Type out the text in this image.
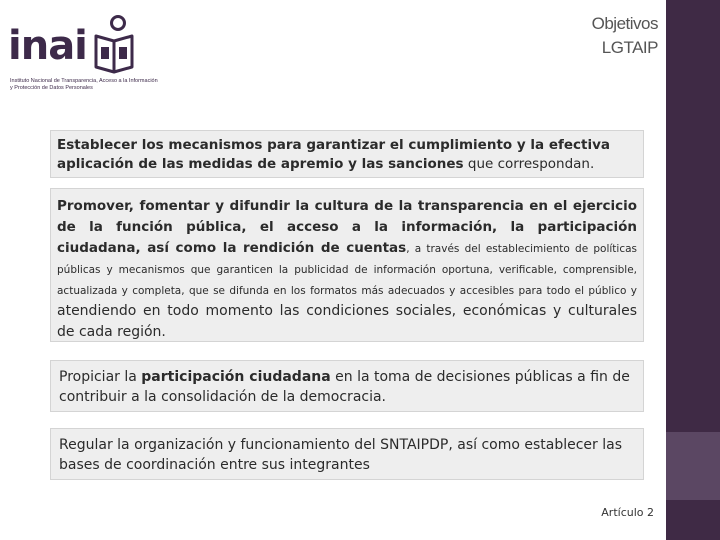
inai
Instituto Nacional de Transparencia, Acceso a la Información y Protección de Datos Personales
Objetivos
LGTAIP
Establecer los mecanismos para garantizar el cumplimiento y la efectiva aplicación de las medidas de apremio y las sanciones que correspondan.
Promover, fomentar y difundir la cultura de la transparencia en el ejercicio de la función pública, el acceso a la información, la participación ciudadana, así como la rendición de cuentas, a través del establecimiento de políticas públicas y mecanismos que garanticen la publicidad de información oportuna, verificable, comprensible, actualizada y completa, que se difunda en los formatos más adecuados y accesibles para todo el público y atendiendo en todo momento las condiciones sociales, económicas y culturales de cada región.
Propiciar la participación ciudadana en la toma de decisiones públicas a fin de contribuir a la consolidación de la democracia.
Regular la organización y funcionamiento del SNTAIPDP, así como establecer las bases de coordinación entre sus integrantes
Artículo 2
